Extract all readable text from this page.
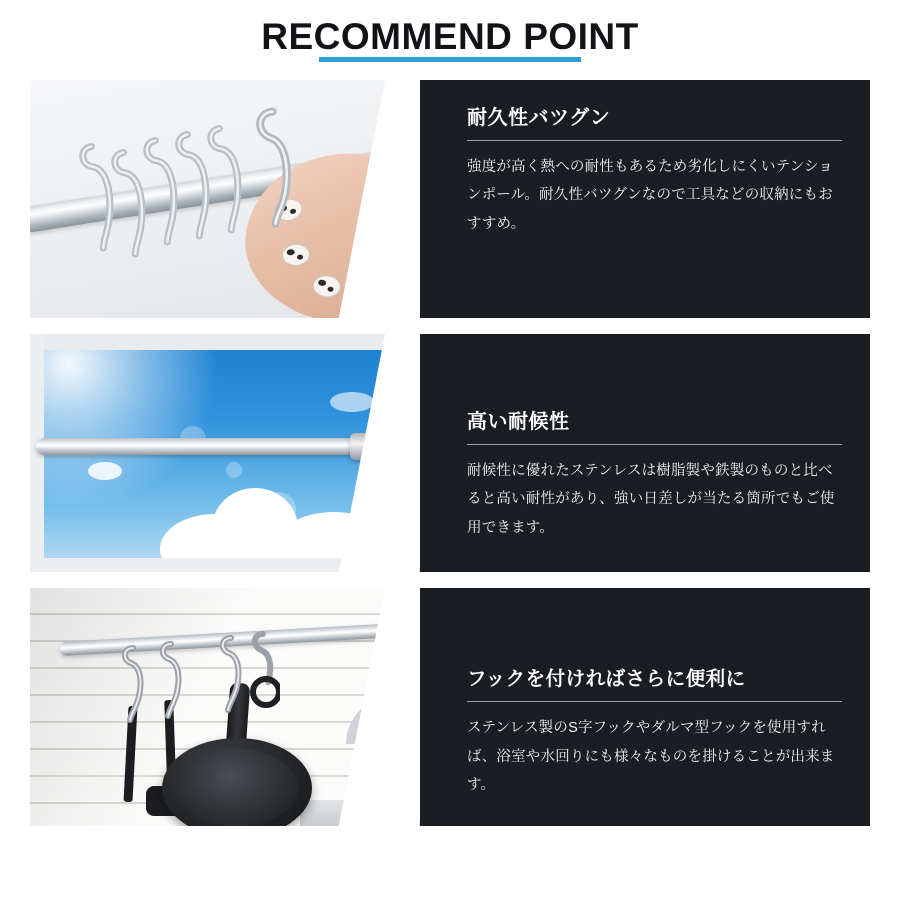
RECOMMEND POINT
耐久性バツグン
強度が高く熱への耐性もあるため劣化しにくいテンションポール。耐久性バツグンなので工具などの収納にもおすすめ。
高い耐候性
耐候性に優れたステンレスは樹脂製や鉄製のものと比べると高い耐性があり、強い日差しが当たる箇所でもご使用できます。
フックを付ければさらに便利に
ステンレス製のS字フックやダルマ型フックを使用すれば、浴室や水回りにも様々なものを掛けることが出来ます。
